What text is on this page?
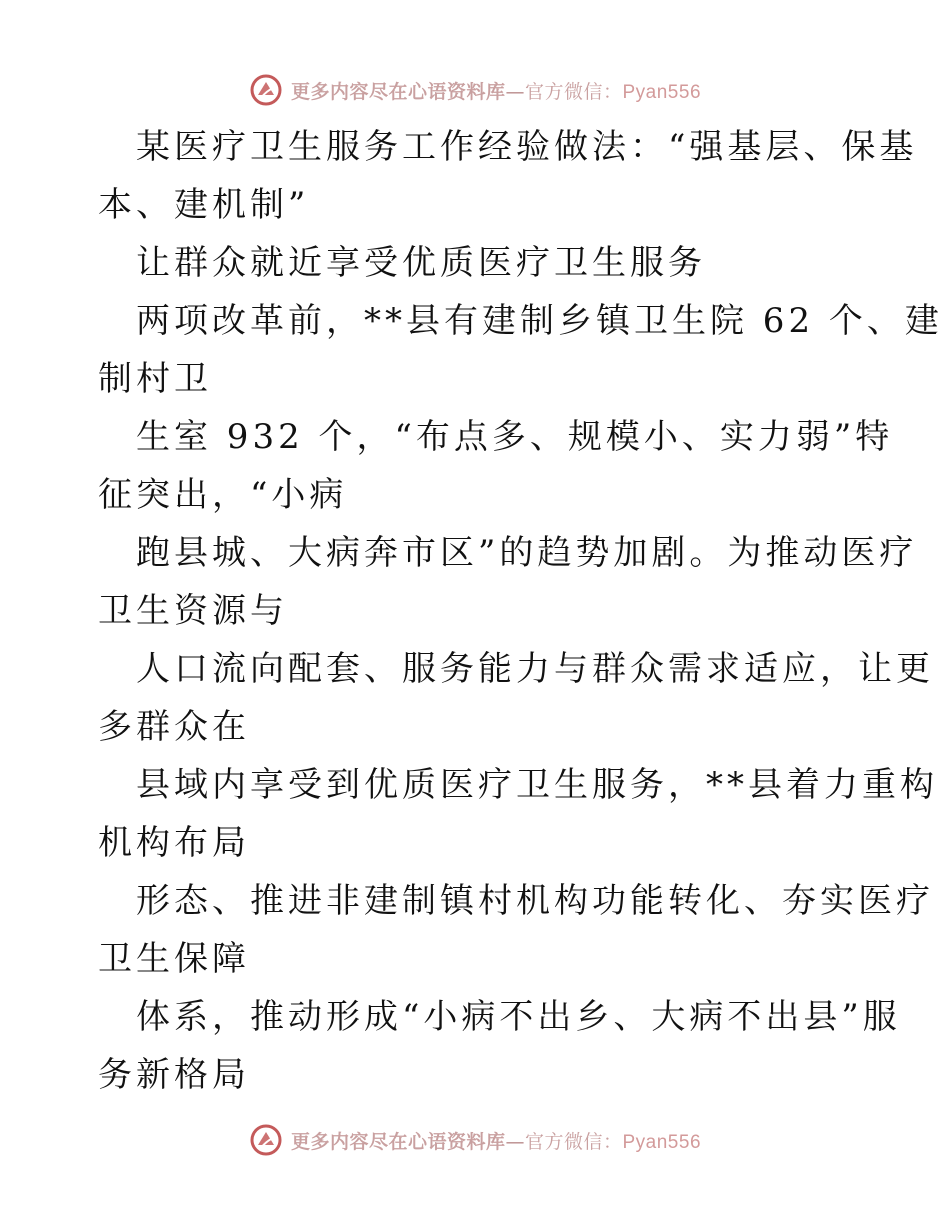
更多内容尽在心语资料库—官方微信：Pyan556

某医疗卫生服务工作经验做法：“强基层、保基

本、建机制”

让群众就近享受优质医疗卫生服务

两项改革前，**县有建制乡镇卫生院 62 个、建

制村卫

生室 932 个，“布点多、规模小、实力弱”特

征突出，“小病

跑县城、大病奔市区”的趋势加剧。为推动医疗

卫生资源与

人口流向配套、服务能力与群众需求适应，让更

多群众在

县域内享受到优质医疗卫生服务，**县着力重构

机构布局

形态、推进非建制镇村机构功能转化、夯实医疗

卫生保障

体系，推动形成“小病不出乡、大病不出县”服

务新格局

更多内容尽在心语资料库—官方微信：Pyan556
